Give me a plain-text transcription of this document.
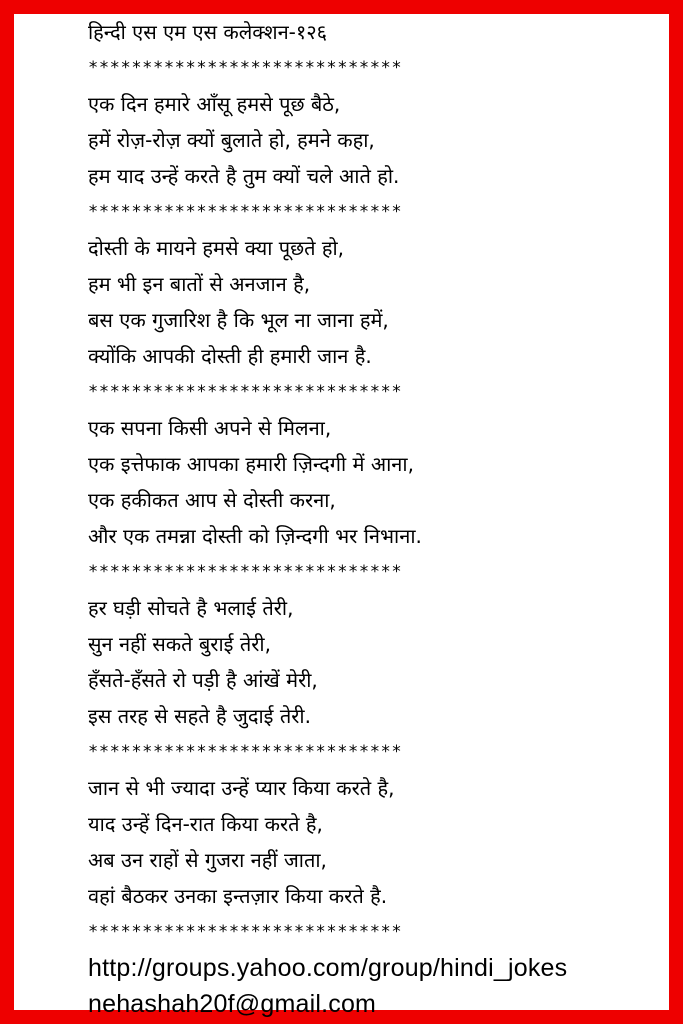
हिन्दी एस एम एस कलेक्शन-१२६
*****************************
एक दिन हमारे आँसू हमसे पूछ बैठे,
हमें रोज़-रोज़ क्यों बुलाते हो, हमने कहा,
हम याद उन्हें करते है तुम क्यों चले आते हो.
*****************************
दोस्ती के मायने हमसे क्या पूछते हो,
हम भी इन बातों से अनजान है,
बस एक गुजारिश है कि भूल ना जाना हमें,
क्योंकि आपकी दोस्ती ही हमारी जान है.
*****************************
एक सपना किसी अपने से मिलना,
एक इत्तेफाक आपका हमारी ज़िन्दगी में आना,
एक हकीकत आप से दोस्ती करना,
और एक तमन्ना दोस्ती को ज़िन्दगी भर निभाना.
*****************************
हर घड़ी सोचते है भलाई तेरी,
सुन नहीं सकते बुराई तेरी,
हँसते-हँसते रो पड़ी है आंखें मेरी,
इस तरह से सहते है जुदाई तेरी.
*****************************
जान से भी ज्यादा उन्हें प्यार किया करते है,
याद उन्हें दिन-रात किया करते है,
अब उन राहों से गुजरा नहीं जाता,
वहां बैठकर उनका इन्तज़ार किया करते है.
*****************************
http://groups.yahoo.com/group/hindi_jokes
nehashah20f@gmail.com
